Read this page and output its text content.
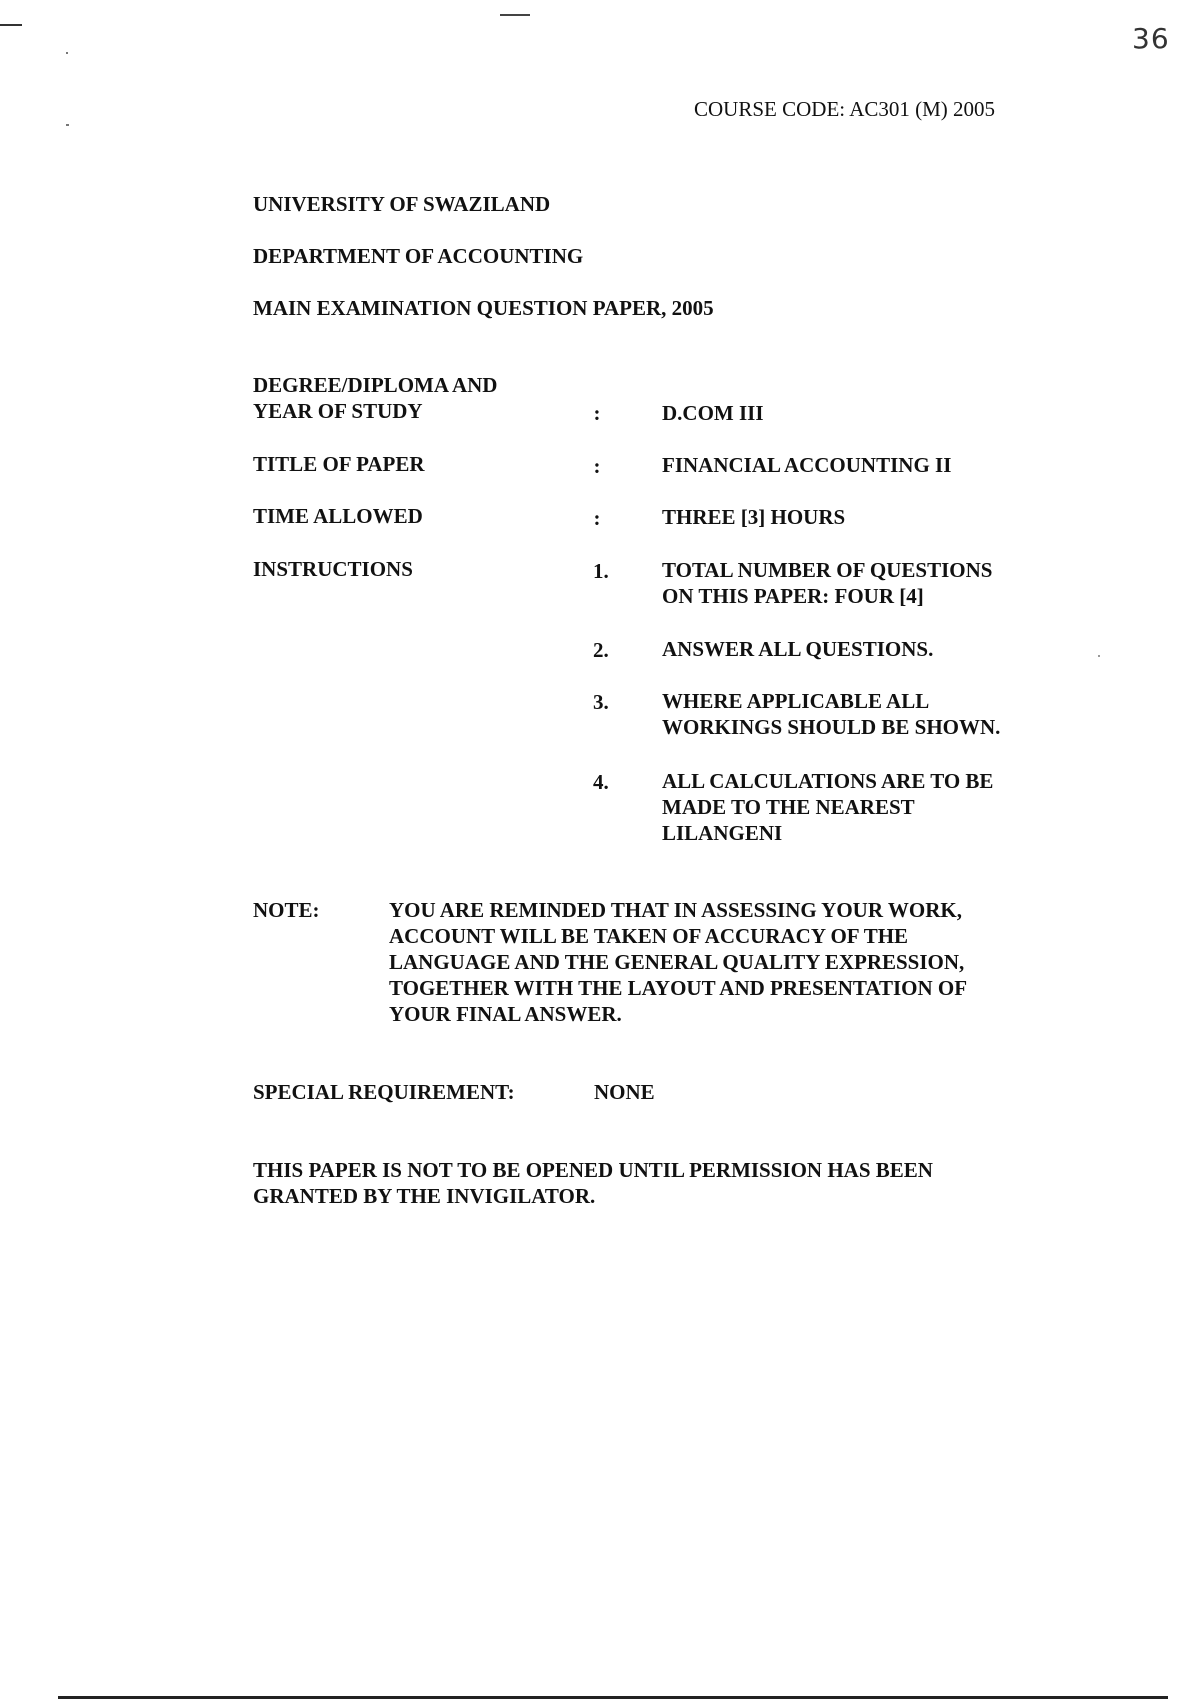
36
COURSE CODE: AC301 (M) 2005
UNIVERSITY OF SWAZILAND
DEPARTMENT OF ACCOUNTING
MAIN EXAMINATION QUESTION PAPER, 2005
DEGREE/DIPLOMA AND
YEAR OF STUDY	:	D.COM III
TITLE OF PAPER	:	FINANCIAL ACCOUNTING II
TIME ALLOWED	:	THREE [3] HOURS
INSTRUCTIONS	1.	TOTAL NUMBER OF QUESTIONS
ON THIS PAPER: FOUR [4]
2.	ANSWER ALL QUESTIONS.
3.	WHERE APPLICABLE ALL
WORKINGS SHOULD BE SHOWN.
4.	ALL CALCULATIONS ARE TO BE
MADE TO THE NEAREST
LILANGENI
NOTE:	YOU ARE REMINDED THAT IN ASSESSING YOUR WORK,
ACCOUNT WILL BE TAKEN OF ACCURACY OF THE
LANGUAGE AND THE GENERAL QUALITY EXPRESSION,
TOGETHER WITH THE LAYOUT AND PRESENTATION OF
YOUR FINAL ANSWER.
SPECIAL REQUIREMENT:	NONE
THIS PAPER IS NOT TO BE OPENED UNTIL PERMISSION HAS BEEN
GRANTED BY THE INVIGILATOR.
